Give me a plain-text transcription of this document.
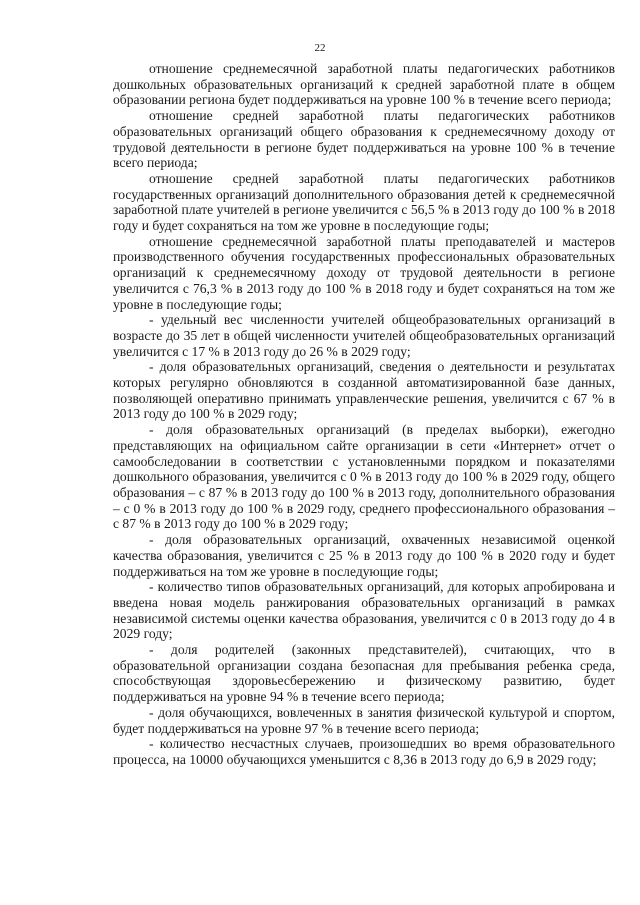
22

отношение среднемесячной заработной платы педагогических работников дошкольных образовательных организаций к средней заработной плате в общем образовании региона будет поддерживаться на уровне 100 % в течение всего периода;

отношение средней заработной платы педагогических работников образовательных организаций общего образования к среднемесячному доходу от трудовой деятельности в регионе будет поддерживаться на уровне 100 % в течение всего периода;

отношение средней заработной платы педагогических работников государственных организаций дополнительного образования детей к среднемесячной заработной плате учителей в регионе увеличится с 56,5 % в 2013 году до 100 % в 2018 году и будет сохраняться на том же уровне в последующие годы;

отношение среднемесячной заработной платы преподавателей и мастеров производственного обучения государственных профессиональных образовательных организаций к среднемесячному доходу от трудовой деятельности в регионе увеличится с 76,3 % в 2013 году до 100 % в 2018 году и будет сохраняться на том же уровне в последующие годы;

- удельный вес численности учителей общеобразовательных организаций в возрасте до 35 лет в общей численности учителей общеобразовательных организаций увеличится с 17 % в 2013 году до 26 % в 2029 году;

- доля образовательных организаций, сведения о деятельности и результатах которых регулярно обновляются в созданной автоматизированной базе данных, позволяющей оперативно принимать управленческие решения, увеличится с 67 % в 2013 году до 100 % в 2029 году;

- доля образовательных организаций (в пределах выборки), ежегодно представляющих на официальном сайте организации в сети «Интернет» отчет о самообследовании в соответствии с установленными порядком и показателями дошкольного образования, увеличится с 0 % в 2013 году до 100 % в 2029 году, общего образования – с 87 % в 2013 году до 100 % в 2013 году, дополнительного образования – с 0 % в 2013 году до 100 % в 2029 году, среднего профессионального образования – с 87 % в 2013 году до 100 % в 2029 году;

- доля образовательных организаций, охваченных независимой оценкой качества образования, увеличится с 25 % в 2013 году до 100 % в 2020 году и будет поддерживаться на том же уровне в последующие годы;

- количество типов образовательных организаций, для которых апробирована и введена новая модель ранжирования образовательных организаций в рамках независимой системы оценки качества образования, увеличится с 0 в 2013 году до 4 в 2029 году;

- доля родителей (законных представителей), считающих, что в образовательной организации создана безопасная для пребывания ребенка среда, способствующая здоровьесбережению и физическому развитию, будет поддерживаться на уровне 94 % в течение всего периода;

- доля обучающихся, вовлеченных в занятия физической культурой и спортом, будет поддерживаться на уровне 97 % в течение всего периода;

- количество несчастных случаев, произошедших во время образовательного процесса, на 10000 обучающихся уменьшится с 8,36 в 2013 году до 6,9 в 2029 году;
